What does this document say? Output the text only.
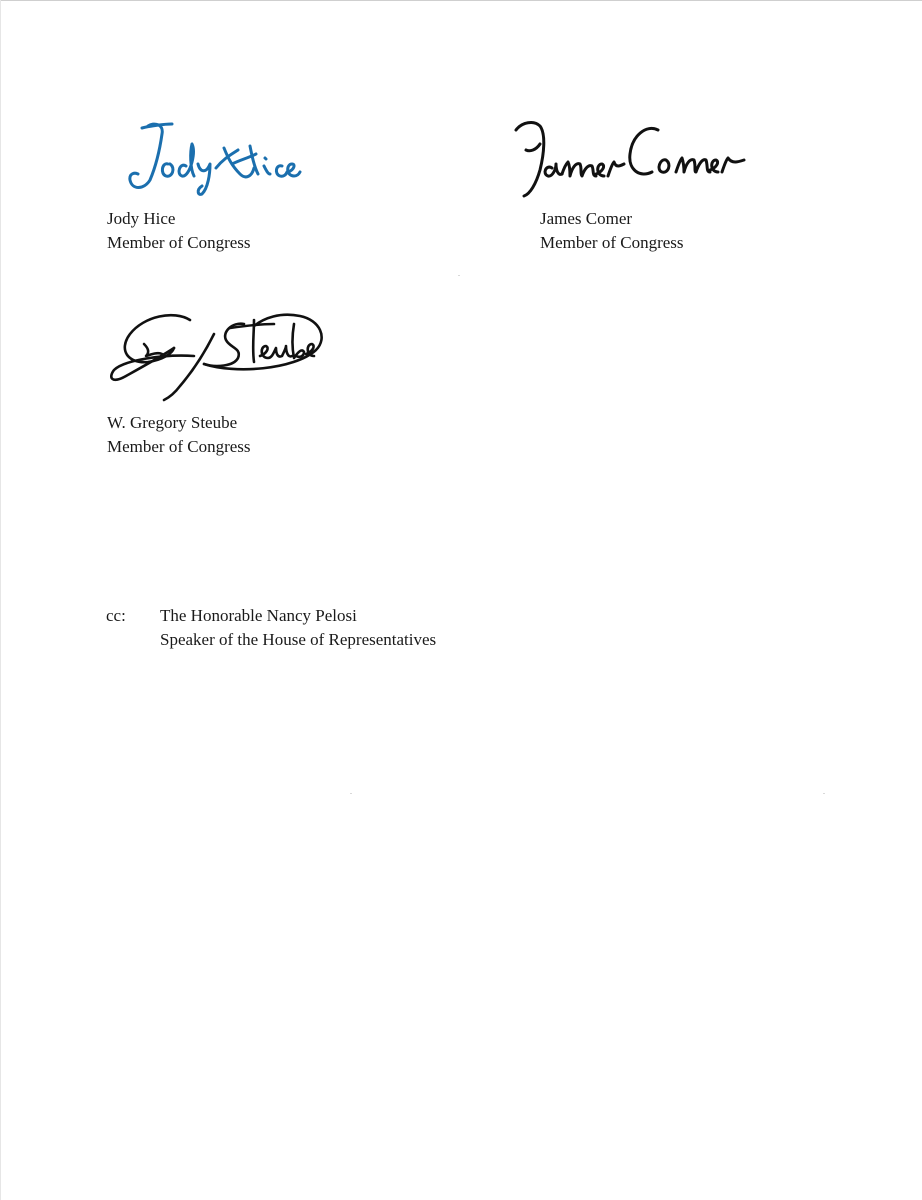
Jody Hice
Member of Congress
James Comer
Member of Congress
W. Gregory Steube
Member of Congress
cc: The Honorable Nancy Pelosi
Speaker of the House of Representatives
